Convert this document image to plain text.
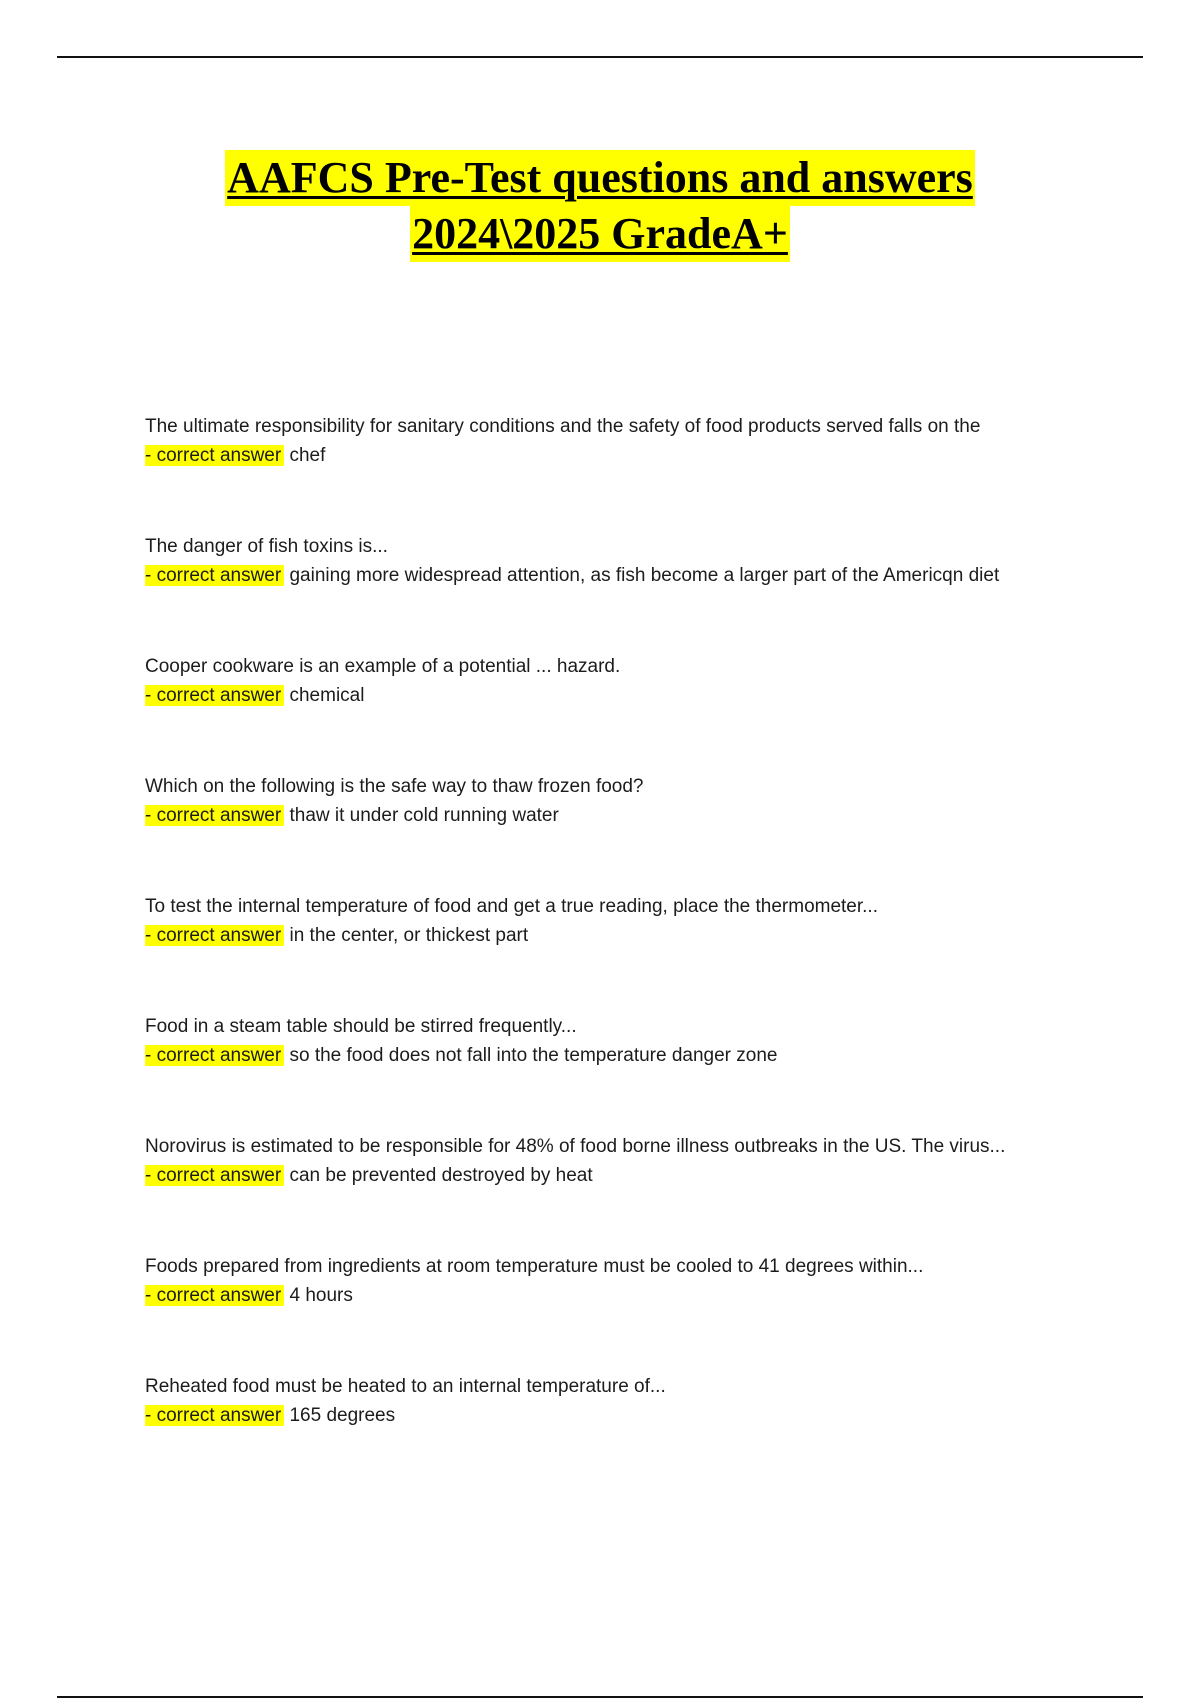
AAFCS Pre-Test questions and answers
2024\2025 GradeA+
The ultimate responsibility for sanitary conditions and the safety of food products served falls on the
- correct answer chef
The danger of fish toxins is...
- correct answer gaining more widespread attention, as fish become a larger part of the Americqn diet
Cooper cookware is an example of a potential ... hazard.
- correct answer chemical
Which on the following is the safe way to thaw frozen food?
- correct answer thaw it under cold running water
To test the internal temperature of food and get a true reading, place the thermometer...
- correct answer in the center, or thickest part
Food in a steam table should be stirred frequently...
- correct answer so the food does not fall into the temperature danger zone
Norovirus is estimated to be responsible for 48% of food borne illness outbreaks in the US. The virus...
- correct answer can be prevented destroyed by heat
Foods prepared from ingredients at room temperature must be cooled to 41 degrees within...
- correct answer 4 hours
Reheated food must be heated to an internal temperature of...
- correct answer 165 degrees
